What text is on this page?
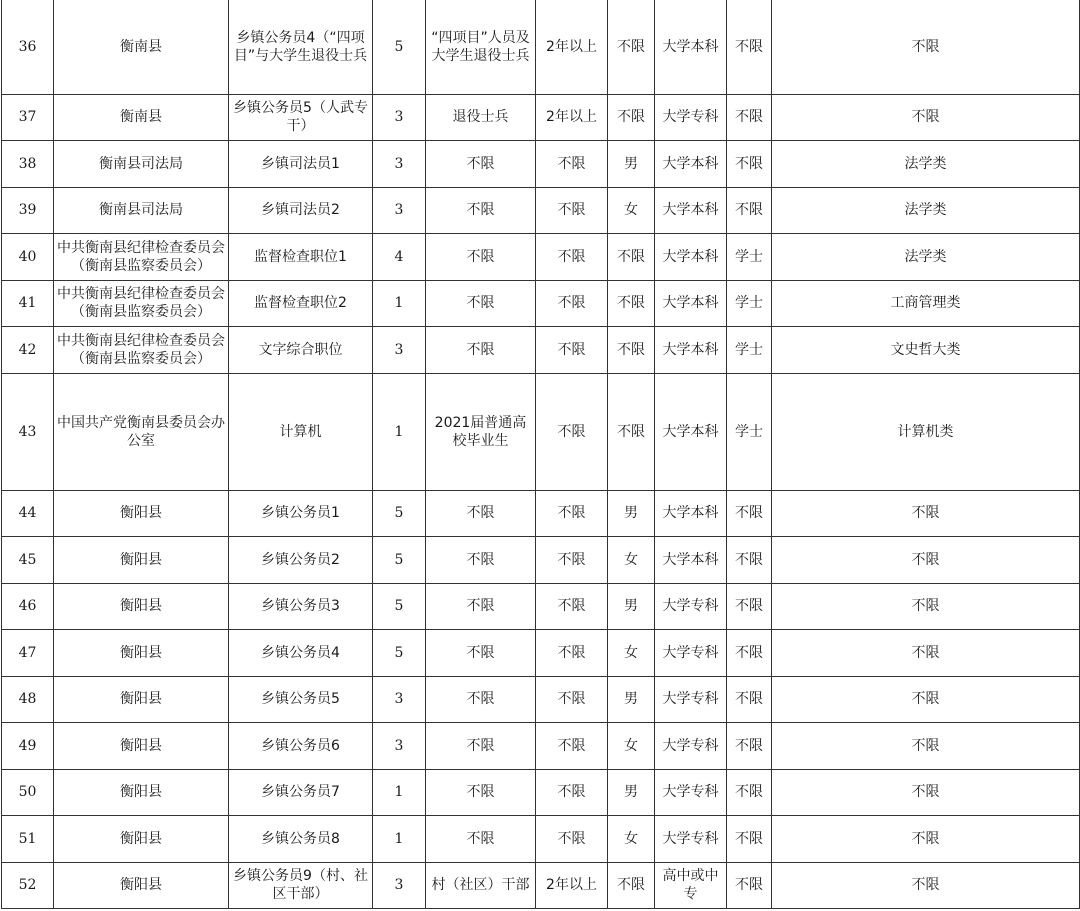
36	衡南县	乡镇公务员4（“四项目”与大学生退役士兵	5	“四项目”人员及大学生退役士兵	2年以上	不限	大学本科	不限	不限
37	衡南县	乡镇公务员5（人武专干）	3	退役士兵	2年以上	不限	大学专科	不限	不限
38	衡南县司法局	乡镇司法员1	3	不限	不限	男	大学本科	不限	法学类
39	衡南县司法局	乡镇司法员2	3	不限	不限	女	大学本科	不限	法学类
40	中共衡南县纪律检查委员会（衡南县监察委员会）	监督检查职位1	4	不限	不限	不限	大学本科	学士	法学类
41	中共衡南县纪律检查委员会（衡南县监察委员会）	监督检查职位2	1	不限	不限	不限	大学本科	学士	工商管理类
42	中共衡南县纪律检查委员会（衡南县监察委员会）	文字综合职位	3	不限	不限	不限	大学本科	学士	文史哲大类
43	中国共产党衡南县委员会办公室	计算机	1	2021届普通高校毕业生	不限	不限	大学本科	学士	计算机类
44	衡阳县	乡镇公务员1	5	不限	不限	男	大学本科	不限	不限
45	衡阳县	乡镇公务员2	5	不限	不限	女	大学本科	不限	不限
46	衡阳县	乡镇公务员3	5	不限	不限	男	大学专科	不限	不限
47	衡阳县	乡镇公务员4	5	不限	不限	女	大学专科	不限	不限
48	衡阳县	乡镇公务员5	3	不限	不限	男	大学专科	不限	不限
49	衡阳县	乡镇公务员6	3	不限	不限	女	大学专科	不限	不限
50	衡阳县	乡镇公务员7	1	不限	不限	男	大学专科	不限	不限
51	衡阳县	乡镇公务员8	1	不限	不限	女	大学专科	不限	不限
52	衡阳县	乡镇公务员9（村、社区干部）	3	村（社区）干部	2年以上	不限	高中或中专	不限	不限
